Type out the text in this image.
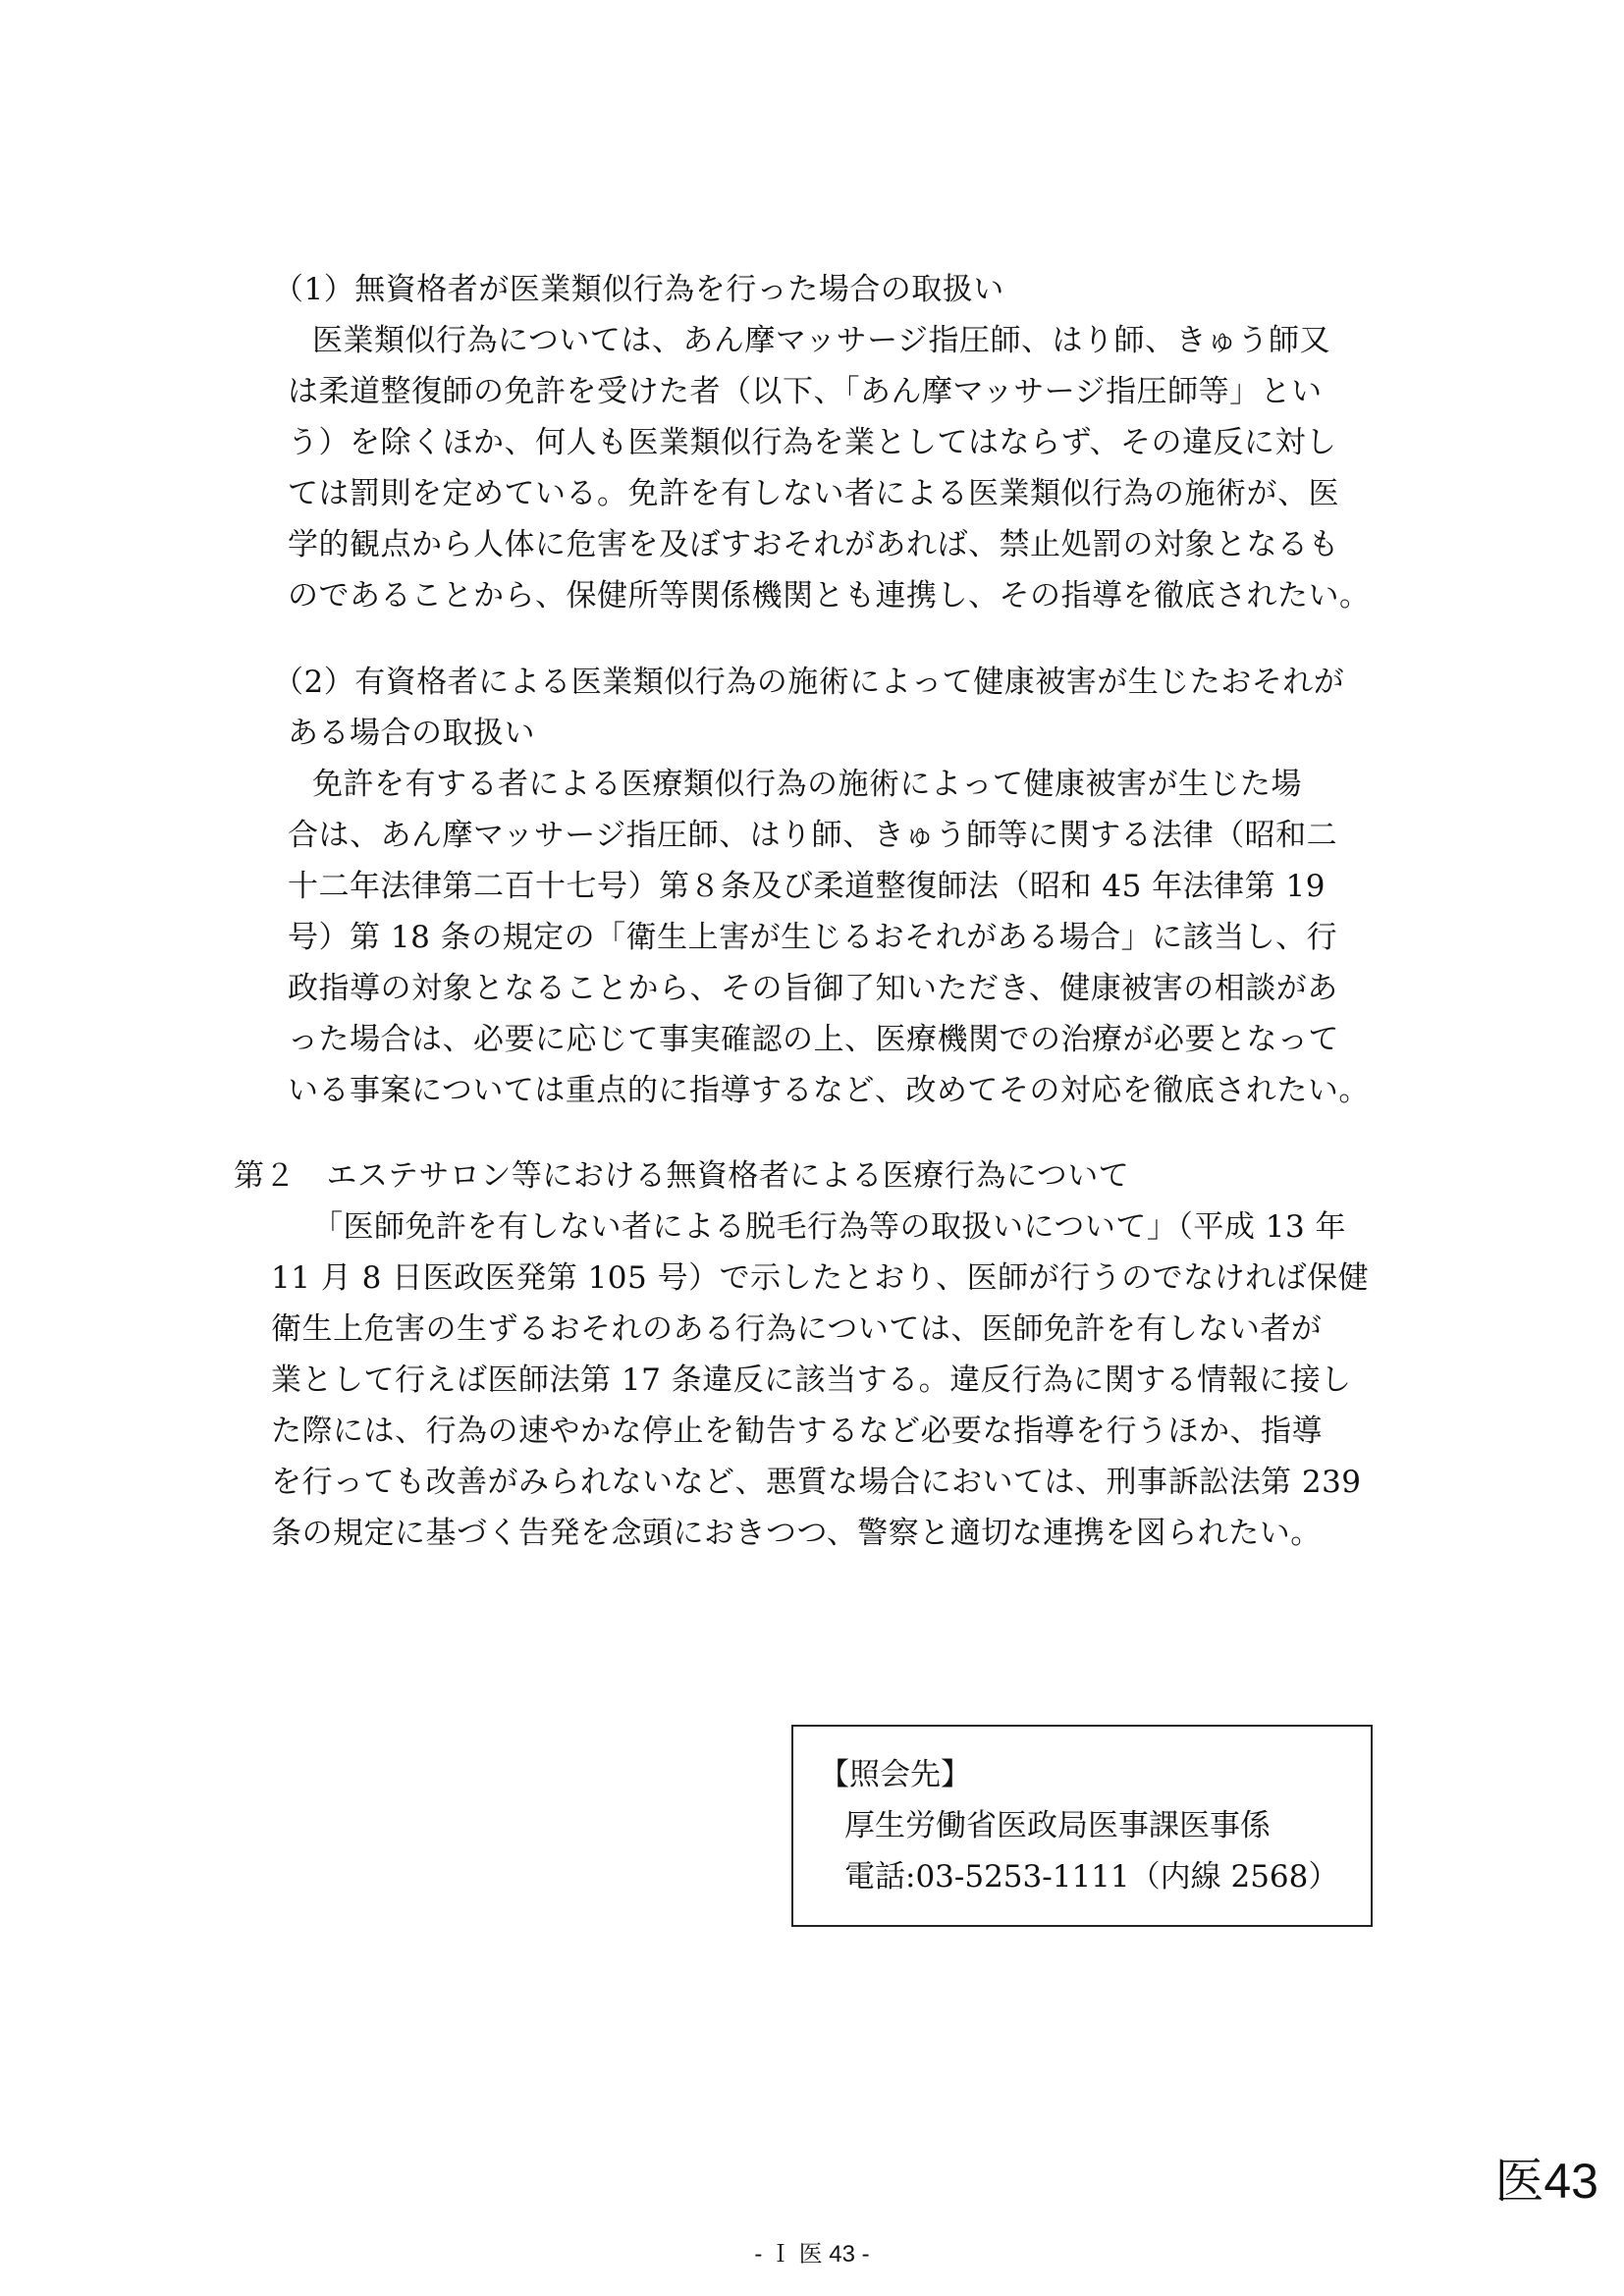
（1）無資格者が医業類似行為を行った場合の取扱い
医業類似行為については、あん摩マッサージ指圧師、はり師、きゅう師又
は柔道整復師の免許を受けた者（以下、「あん摩マッサージ指圧師等」とい
う）を除くほか、何人も医業類似行為を業としてはならず、その違反に対し
ては罰則を定めている。免許を有しない者による医業類似行為の施術が、医
学的観点から人体に危害を及ぼすおそれがあれば、禁止処罰の対象となるも
のであることから、保健所等関係機関とも連携し、その指導を徹底されたい。
（2）有資格者による医業類似行為の施術によって健康被害が生じたおそれが
ある場合の取扱い
免許を有する者による医療類似行為の施術によって健康被害が生じた場
合は、あん摩マッサージ指圧師、はり師、きゅう師等に関する法律（昭和二
十二年法律第二百十七号）第８条及び柔道整復師法（昭和 45 年法律第 19
号）第 18 条の規定の「衛生上害が生じるおそれがある場合」に該当し、行
政指導の対象となることから、その旨御了知いただき、健康被害の相談があ
った場合は、必要に応じて事実確認の上、医療機関での治療が必要となって
いる事案については重点的に指導するなど、改めてその対応を徹底されたい。
第２　エステサロン等における無資格者による医療行為について
「医師免許を有しない者による脱毛行為等の取扱いについて」（平成 13 年
11 月 8 日医政医発第 105 号）で示したとおり、医師が行うのでなければ保健
衛生上危害の生ずるおそれのある行為については、医師免許を有しない者が
業として行えば医師法第 17 条違反に該当する。違反行為に関する情報に接し
た際には、行為の速やかな停止を勧告するなど必要な指導を行うほか、指導
を行っても改善がみられないなど、悪質な場合においては、刑事訴訟法第 239
条の規定に基づく告発を念頭におきつつ、警察と適切な連携を図られたい。
【照会先】
厚生労働省医政局医事課医事係
電話:03-5253-1111（内線 2568）
医43
- Ｉ 医 43 -
